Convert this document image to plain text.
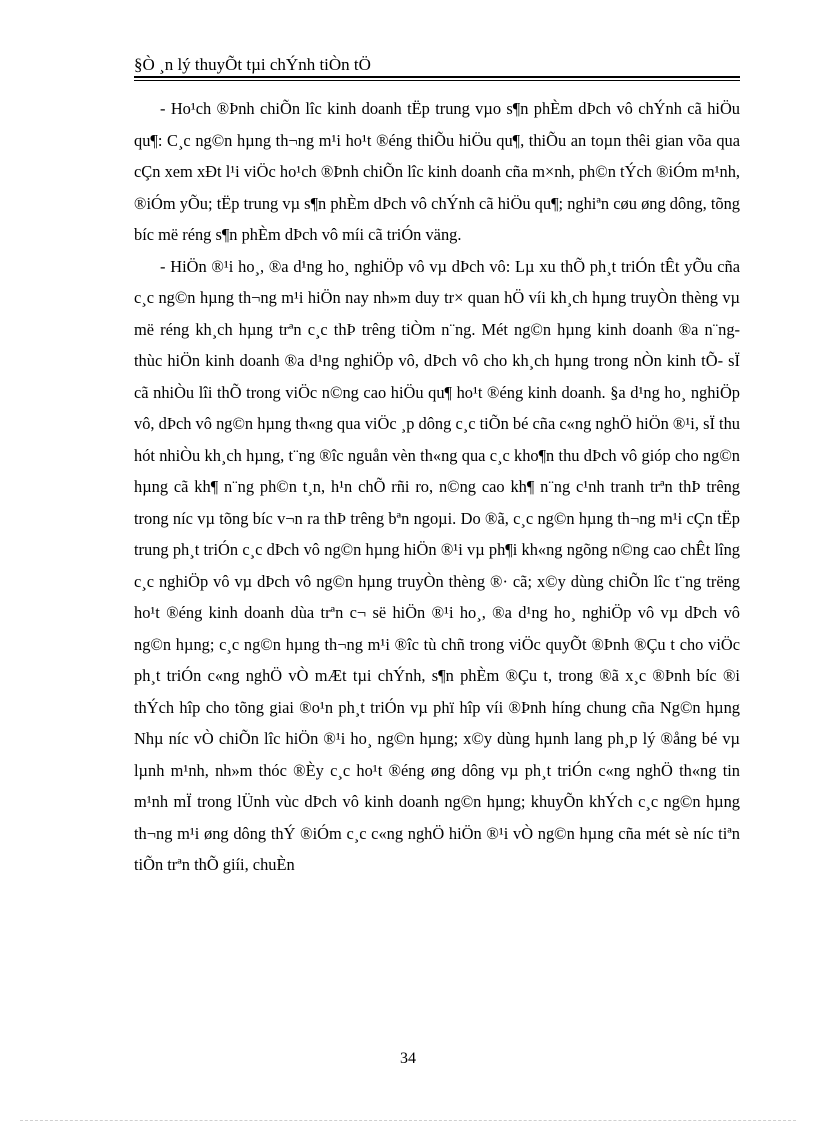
§Ò ¸n lý thuyÕt tµi chÝnh tiÒn tÖ

- Ho¹ch ®Þnh chiÕn lîc kinh doanh tËp trung vµo s¶n phÈm dÞch vô chÝnh cã hiÖu qu¶: C¸c ng©n hµng th¬ng m¹i ho¹t ®éng thiÕu hiÖu qu¶, thiÕu an toµn thêi gian võa qua cÇn xem xÐt l¹i viÖc ho¹ch ®Þnh chiÕn lîc kinh doanh cña m×nh, ph©n tÝch ®iÓm m¹nh, ®iÓm yÕu; tËp trung vµ s¶n phÈm dÞch vô chÝnh cã hiÖu qu¶; nghiªn cøu øng dông, tõng bíc më réng s¶n phÈm dÞch vô míi cã triÓn väng.

- HiÖn ®¹i ho¸, ®a d¹ng ho¸ nghiÖp vô vµ dÞch vô: Lµ xu thÕ ph¸t triÓn tÊt yÕu cña c¸c ng©n hµng th¬ng m¹i hiÖn nay nh»m duy tr× quan hÖ víi kh¸ch hµng truyÒn thèng vµ më réng kh¸ch hµng trªn c¸c thÞ trêng tiÒm n¨ng. Mét ng©n hµng kinh doanh ®a n¨ng- thùc hiÖn kinh doanh ®a d¹ng nghiÖp vô, dÞch vô cho kh¸ch hµng trong nÒn kinh tÕ- sÏ cã nhiÒu lîi thÕ trong viÖc n©ng cao hiÖu qu¶ ho¹t ®éng kinh doanh. §a d¹ng ho¸ nghiÖp vô, dÞch vô ng©n hµng th«ng qua viÖc ¸p dông c¸c tiÕn bé cña c«ng nghÖ hiÖn ®¹i, sÏ thu hót nhiÒu kh¸ch hµng, t¨ng ®îc nguån vèn th«ng qua c¸c kho¶n thu dÞch vô gióp cho ng©n hµng cã kh¶ n¨ng ph©n t¸n, h¹n chÕ rñi ro, n©ng cao kh¶ n¨ng c¹nh tranh trªn thÞ trêng trong níc vµ tõng bíc v¬n ra thÞ trêng bªn ngoµi. Do ®ã, c¸c ng©n hµng th¬ng m¹i cÇn tËp trung ph¸t triÓn c¸c dÞch vô ng©n hµng hiÖn ®¹i vµ ph¶i kh«ng ngõng n©ng cao chÊt lîng c¸c nghiÖp vô vµ dÞch vô ng©n hµng truyÒn thèng ®· cã; x©y dùng chiÕn lîc t¨ng trëng ho¹t ®éng kinh doanh dùa trªn c¬ së hiÖn ®¹i ho¸, ®a d¹ng ho¸ nghiÖp vô vµ dÞch vô ng©n hµng; c¸c ng©n hµng th¬ng m¹i ®îc tù chñ trong viÖc quyÕt ®Þnh ®Çu t cho viÖc ph¸t triÓn c«ng nghÖ vÒ mÆt tµi chÝnh, s¶n phÈm ®Çu t, trong ®ã x¸c ®Þnh bíc ®i thÝch hîp cho tõng giai ®o¹n ph¸t triÓn vµ phï hîp víi ®Þnh híng chung cña Ng©n hµng Nhµ níc vÒ chiÕn lîc hiÖn ®¹i ho¸ ng©n hµng; x©y dùng hµnh lang ph¸p lý ®ång bé vµ lµnh m¹nh, nh»m thóc ®Èy c¸c ho¹t ®éng øng dông vµ ph¸t triÓn c«ng nghÖ th«ng tin m¹nh mÏ trong lÜnh vùc dÞch vô kinh doanh ng©n hµng; khuyÕn khÝch c¸c ng©n hµng th¬ng m¹i øng dông thÝ ®iÓm c¸c c«ng nghÖ hiÖn ®¹i vÒ ng©n hµng cña mét sè níc tiªn tiÕn trªn thÕ giíi, chuÈn

34
